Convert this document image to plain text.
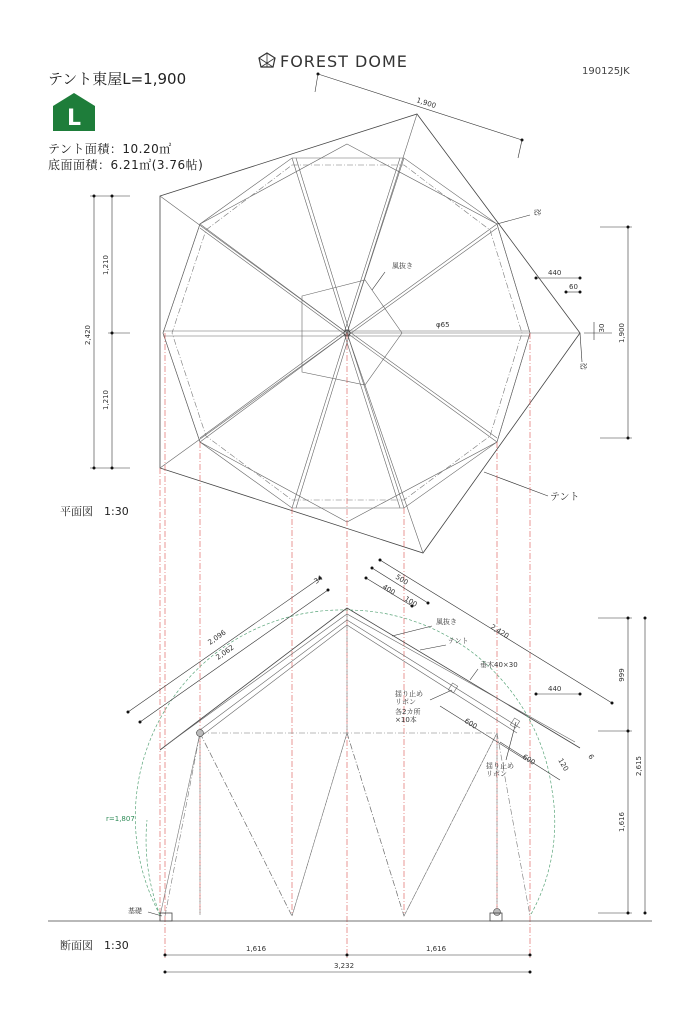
テント東屋L=1,900
L
テント面積：10.20㎡
底面面積：6.21㎡(3.76帖)
FOREST DOME
190125JK
平面図　1:30
断面図　1:30
1,900
2,420
1,210
1,210
1,900
440
60
30
袋
袋
風抜き
φ65
テント
r=1,807
2,096
2,062
34
2,420
500
400
100
999
2,615
1,616
440
600
600	120
6
1,616	1,616
3,232
風抜き
テント
垂木40×30
揺り止め
リボン
各2カ所
×10本
揺り止め
リボン
基礎
